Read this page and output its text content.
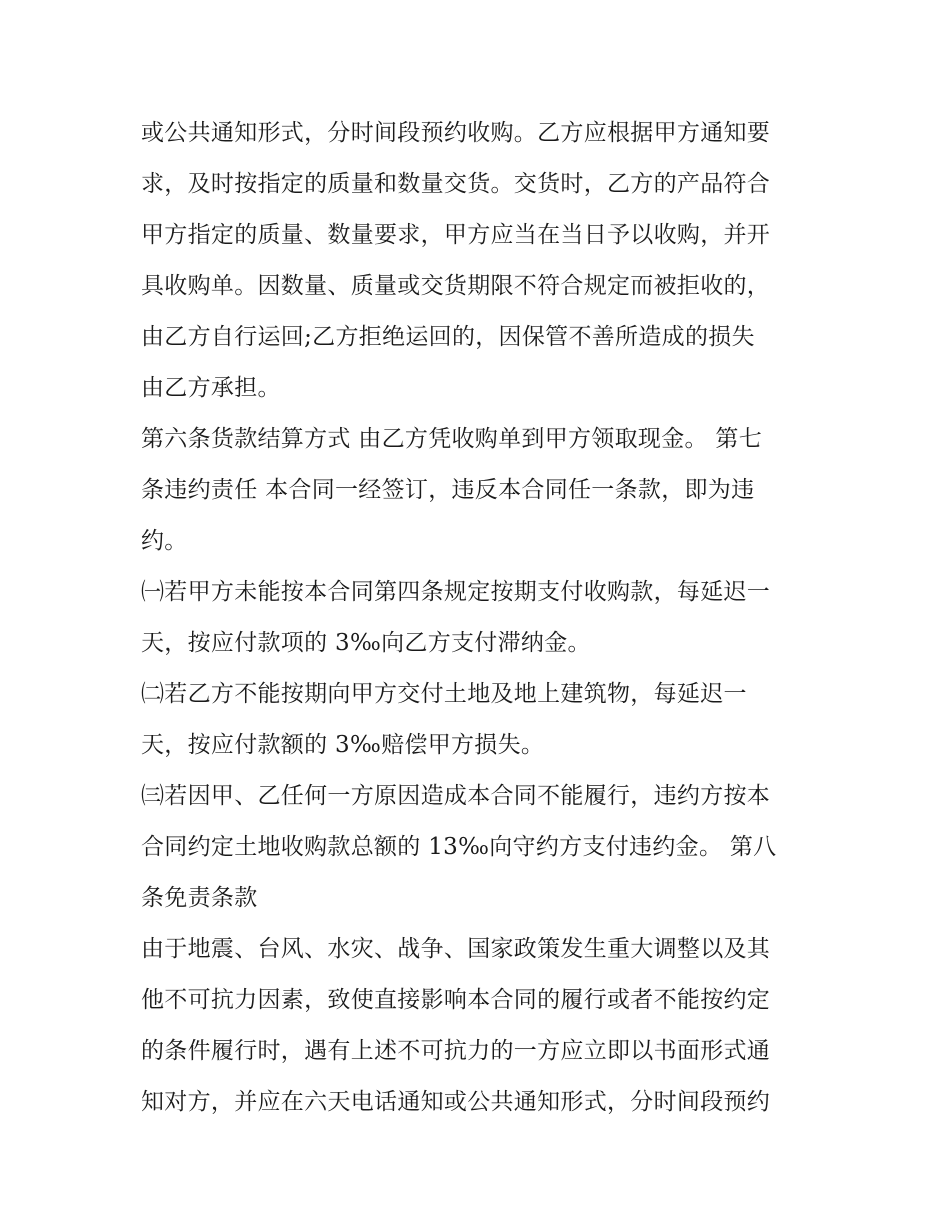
或公共通知形式，分时间段预约收购。乙方应根据甲方通知要
求，及时按指定的质量和数量交货。交货时，乙方的产品符合
甲方指定的质量、数量要求，甲方应当在当日予以收购，并开
具收购单。因数量、质量或交货期限不符合规定而被拒收的，
由乙方自行运回;乙方拒绝运回的，因保管不善所造成的损失
由乙方承担。
第六条货款结算方式 由乙方凭收购单到甲方领取现金。 第七
条违约责任 本合同一经签订，违反本合同任一条款，即为违
约。
㈠若甲方未能按本合同第四条规定按期支付收购款，每延迟一
天，按应付款项的 3‰向乙方支付滞纳金。
㈡若乙方不能按期向甲方交付土地及地上建筑物，每延迟一
天，按应付款额的 3‰赔偿甲方损失。
㈢若因甲、乙任何一方原因造成本合同不能履行，违约方按本
合同约定土地收购款总额的 13‰向守约方支付违约金。 第八
条免责条款
由于地震、台风、水灾、战争、国家政策发生重大调整以及其
他不可抗力因素，致使直接影响本合同的履行或者不能按约定
的条件履行时，遇有上述不可抗力的一方应立即以书面形式通
知对方，并应在六天电话通知或公共通知形式，分时间段预约
